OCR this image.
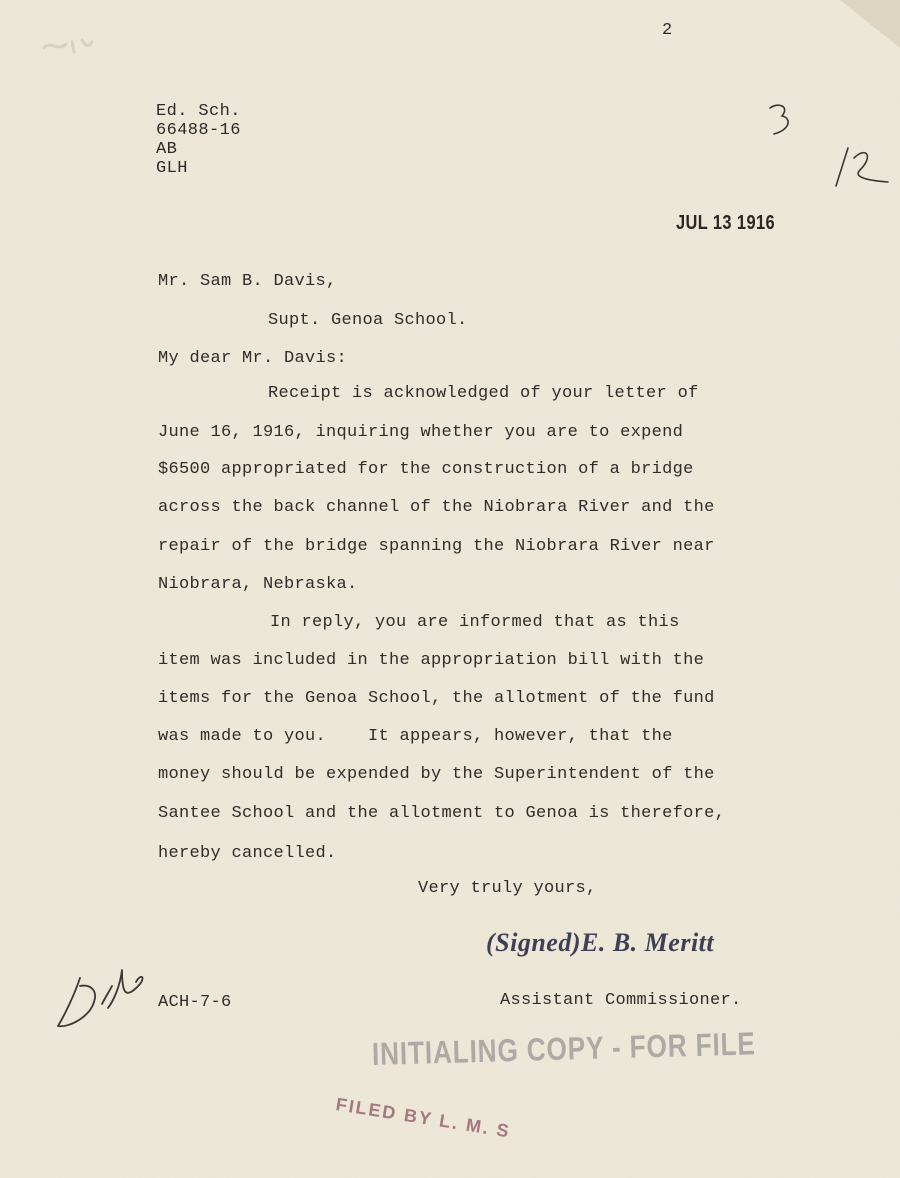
2
Ed. Sch.
66488-16
AB
GLH
JUL 13 1916
Mr. Sam B. Davis,
Supt. Genoa School.
My dear Mr. Davis:
Receipt is acknowledged of your letter of
June 16, 1916, inquiring whether you are to expend
$6500 appropriated for the construction of a bridge
across the back channel of the Niobrara River and the
repair of the bridge spanning the Niobrara River near
Niobrara, Nebraska.
In reply, you are informed that as this
item was included in the appropriation bill with the
items for the Genoa School, the allotment of the fund
was made to you.    It appears, however, that the
money should be expended by the Superintendent of the
Santee School and the allotment to Genoa is therefore,
hereby cancelled.
Very truly yours,
(Signed)E. B. Meritt
ACH-7-6	Assistant Commissioner.
INITIALING COPY - FOR FILE
FILED BY L. M. S
